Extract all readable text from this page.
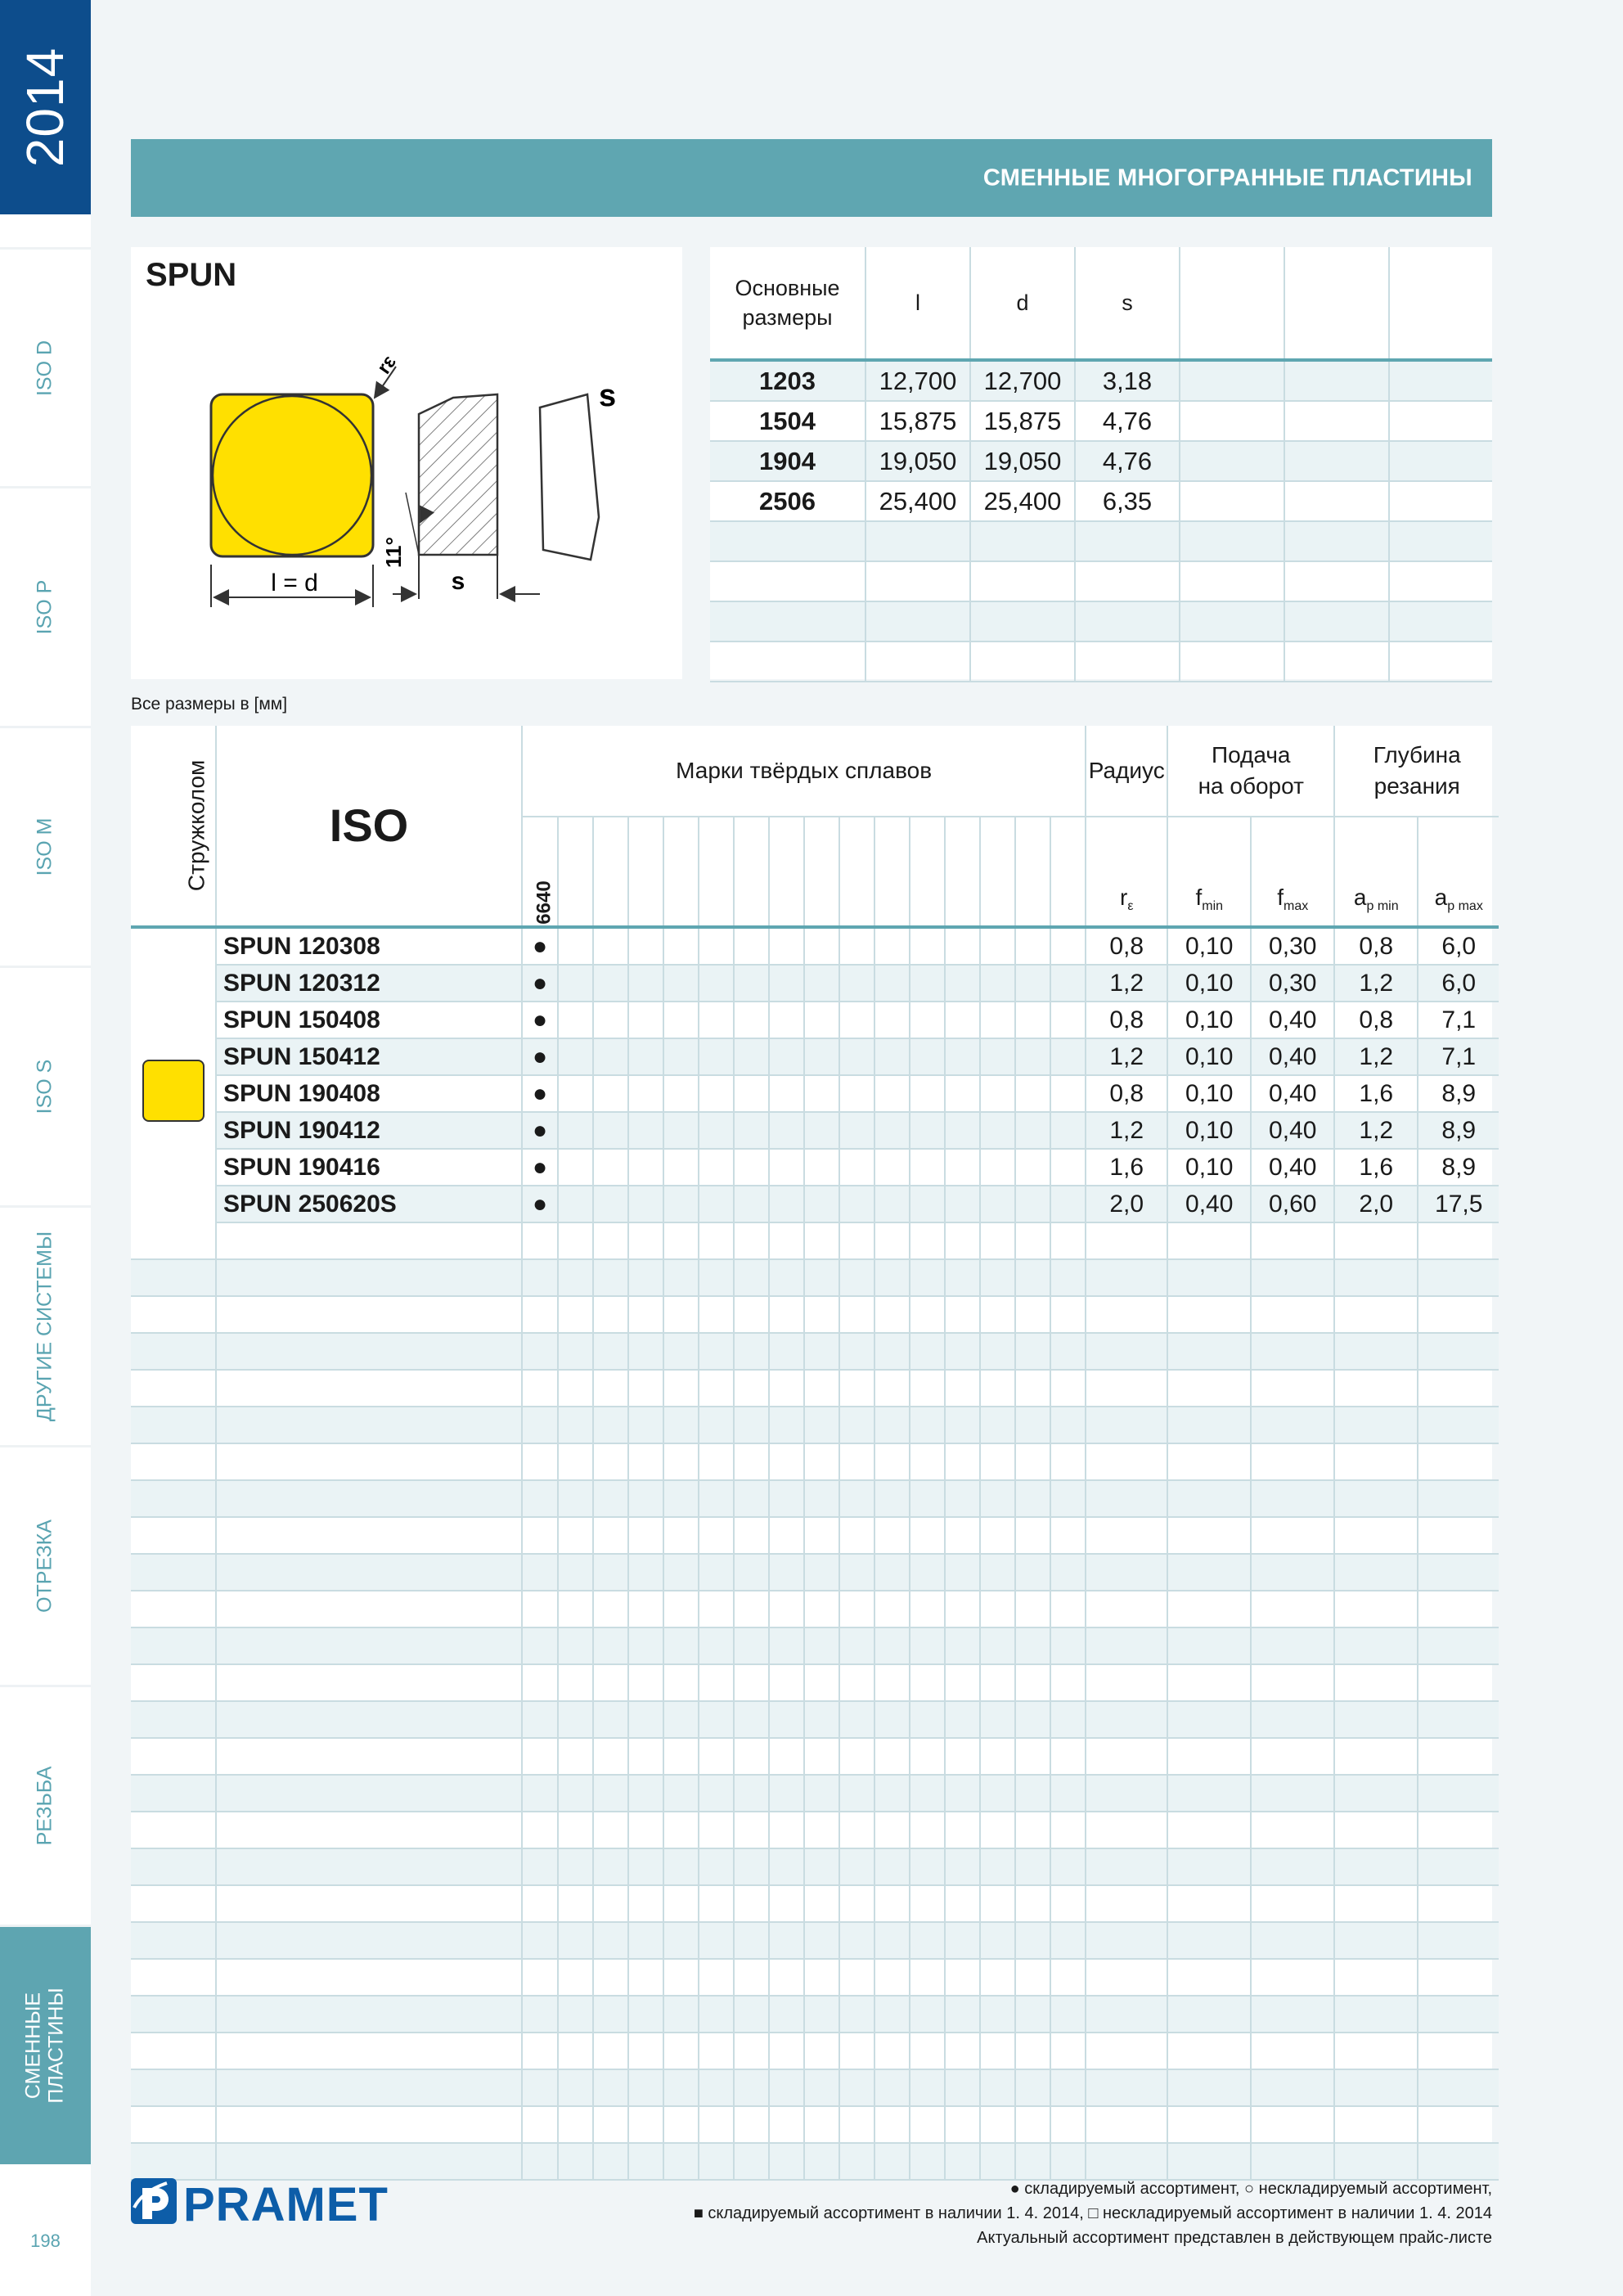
2014
ISO D
ISO P
ISO M
ISO S
ДРУГИЕ СИСТЕМЫ
ОТРЕЗКА
РЕЗЬБА
СМЕННЫЕ ПЛАСТИНЫ
198
СМЕННЫЕ МНОГОГРАННЫЕ ПЛАСТИНЫ
SPUN
rε
l = d	s
11°
s
Основные
размеры	l	d	s			
1203	12,700	12,700	3,18			
1504	15,875	15,875	4,76			
1904	19,050	19,050	4,76			
2506	25,400	25,400	6,35			

Все размеры в [мм]
Стружколом	ISO	Марки твёрдых сплавов																Радиус	Подача
на оборот		Глубина
резания	
		6640																$r_\varepsilon$	$f_{min}$	$f_{max}$	$a_{p min}$	$a_{p max}$
	SPUN 120308	●																0,8	0,10	0,30	0,8	6,0
	SPUN 120312	●																1,2	0,10	0,30	1,2	6,0
	SPUN 150408	●																0,8	0,10	0,40	0,8	7,1
	SPUN 150412	●																1,2	0,10	0,40	1,2	7,1
	SPUN 190408	●																0,8	0,10	0,40	1,6	8,9
	SPUN 190412	●																1,2	0,10	0,40	1,2	8,9
	SPUN 190416	●																1,6	0,10	0,40	1,6	8,9
	SPUN 250620S	●																2,0	0,40	0,60	2,0	17,5

PRAMET	● складируемый ассортимент, ○ нескладируемый ассортимент,
■ складируемый ассортимент в наличии 1. 4. 2014, □ нескладируемый ассортимент в наличии 1. 4. 2014
Актуальный ассортимент представлен в действующем прайс-листе
